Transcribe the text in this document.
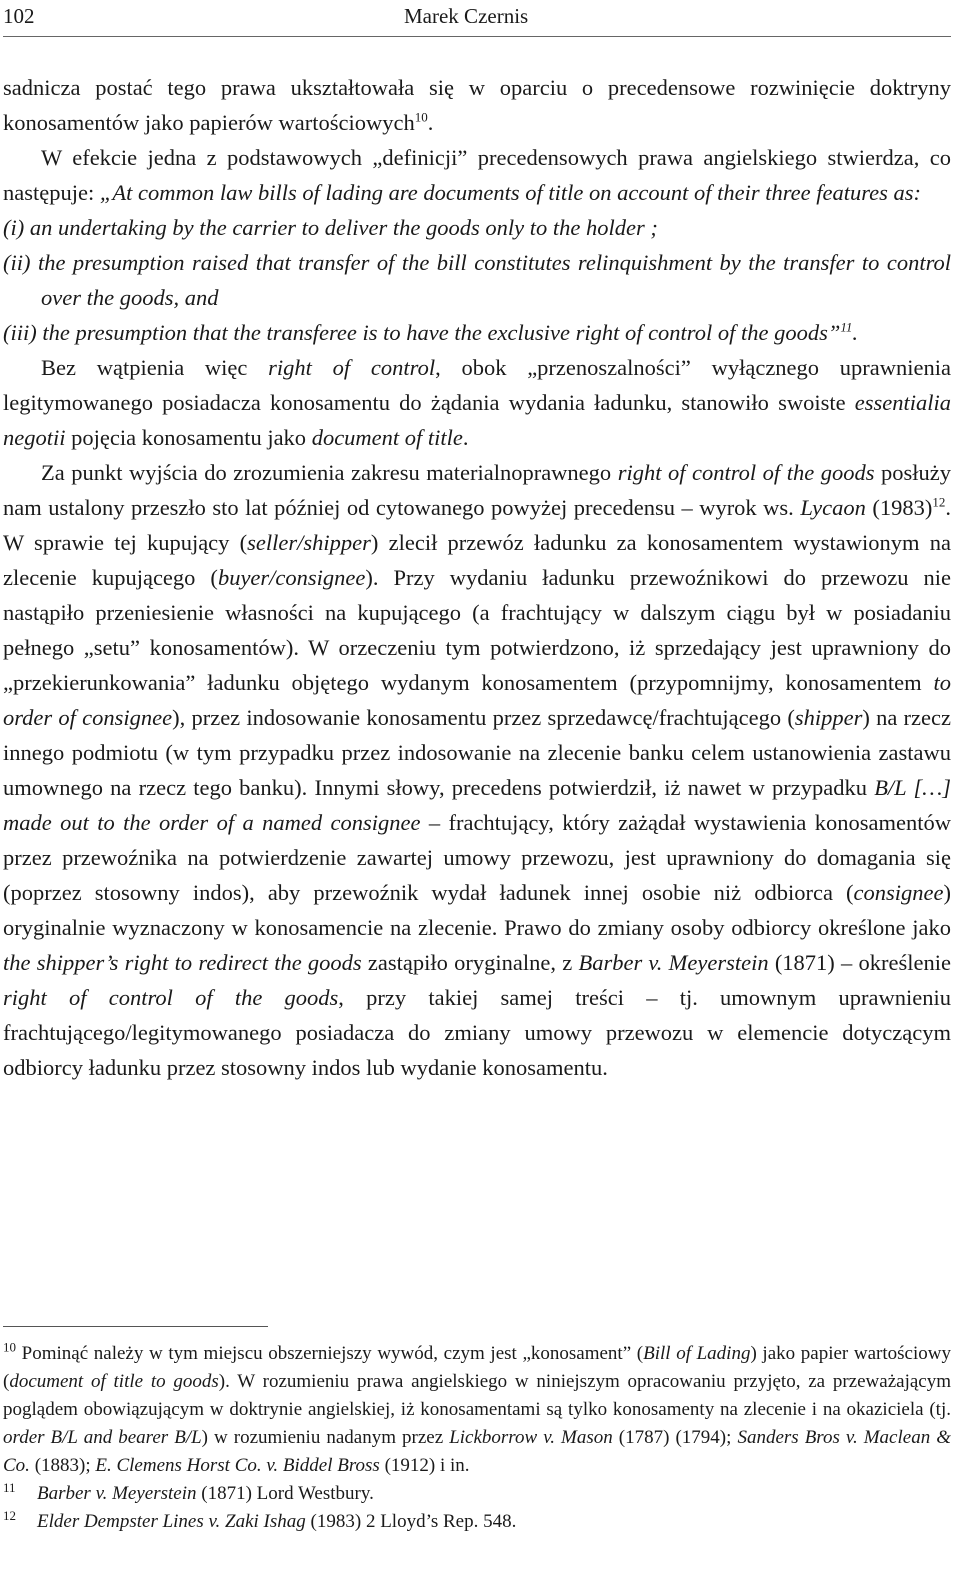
102	Marek Czernis

sadnicza postać tego prawa ukształtowała się w oparciu o precedensowe rozwinięcie doktryny konosamentów jako papierów wartościowych$^{10}$.

W efekcie jedna z podstawowych „definicji” precedensowych prawa angielskiego stwierdza, co następuje: „At common law bills of lading are documents of title on account of their three features as:

(i) an undertaking by the carrier to deliver the goods only to the holder ;

(ii) the presumption raised that transfer of the bill constitutes relinquishment by the transfer to control over the goods, and

(iii) the presumption that the transferee is to have the exclusive right of control of the goods”$^{11}$.

Bez wątpienia więc right of control, obok „przenoszalności” wyłącznego uprawnienia legitymowanego posiadacza konosamentu do żądania wydania ładunku, stanowiło swoiste essentialia negotii pojęcia konosamentu jako document of title.

Za punkt wyjścia do zrozumienia zakresu materialnoprawnego right of control of the goods posłuży nam ustalony przeszło sto lat później od cytowanego powyżej precedensu – wyrok ws. Lycaon $(1983)^{12}$. W sprawie tej kupujący (seller/shipper) zlecił przewóz ładunku za konosamentem wystawionym na zlecenie kupującego (buyer/consignee). Przy wydaniu ładunku przewoźnikowi do przewozu nie nastąpiło przeniesienie własności na kupującego (a frachtujący w dalszym ciągu był w posiadaniu pełnego „setu” konosamentów). W orzeczeniu tym potwierdzono, iż sprzedający jest uprawniony do „przekierunkowania” ładunku objętego wydanym konosamentem (przypomnijmy, konosamentem to order of consignee), przez indosowanie konosamentu przez sprzedawcę/frachtującego (shipper) na rzecz innego podmiotu (w tym przypadku przez indosowanie na zlecenie banku celem ustanowienia zastawu umownego na rzecz tego banku). Innymi słowy, precedens potwierdził, iż nawet w przypadku B/L […] made out to the order of a named consignee – frachtujący, który zażądał wystawienia konosamentów przez przewoźnika na potwierdzenie zawartej umowy przewozu, jest uprawniony do domagania się (poprzez stosowny indos), aby przewoźnik wydał ładunek innej osobie niż odbiorca (consignee) oryginalnie wyznaczony w konosamencie na zlecenie. Prawo do zmiany osoby odbiorcy określone jako the shipper’s right to redirect the goods zastąpiło oryginalne, z Barber v. Meyerstein (1871) – określenie right of control of the goods, przy takiej samej treści – tj. umownym uprawnieniu frachtującego/legitymowanego posiadacza do zmiany umowy przewozu w elemencie dotyczącym odbiorcy ładunku przez stosowny indos lub wydanie konosamentu.

$^{10}$ Pominąć należy w tym miejscu obszerniejszy wywód, czym jest „konosament” (Bill of Lading) jako papier wartościowy (document of title to goods). W rozumieniu prawa angielskiego w niniejszym opracowaniu przyjęto, za przeważającym poglądem obowiązującym w doktrynie angielskiej, iż konosamentami są tylko konosamenty na zlecenie i na okaziciela (tj. order B/L and bearer B/L) w rozumieniu nadanym przez Lickborrow v. Mason (1787) (1794); Sanders Bros v. Maclean & Co. (1883); E. Clemens Horst Co. v. Biddel Bross (1912) i in.

11 Barber v. Meyerstein (1871) Lord Westbury.

12 Elder Dempster Lines v. Zaki Ishag (1983) 2 Lloyd’s Rep. 548.
